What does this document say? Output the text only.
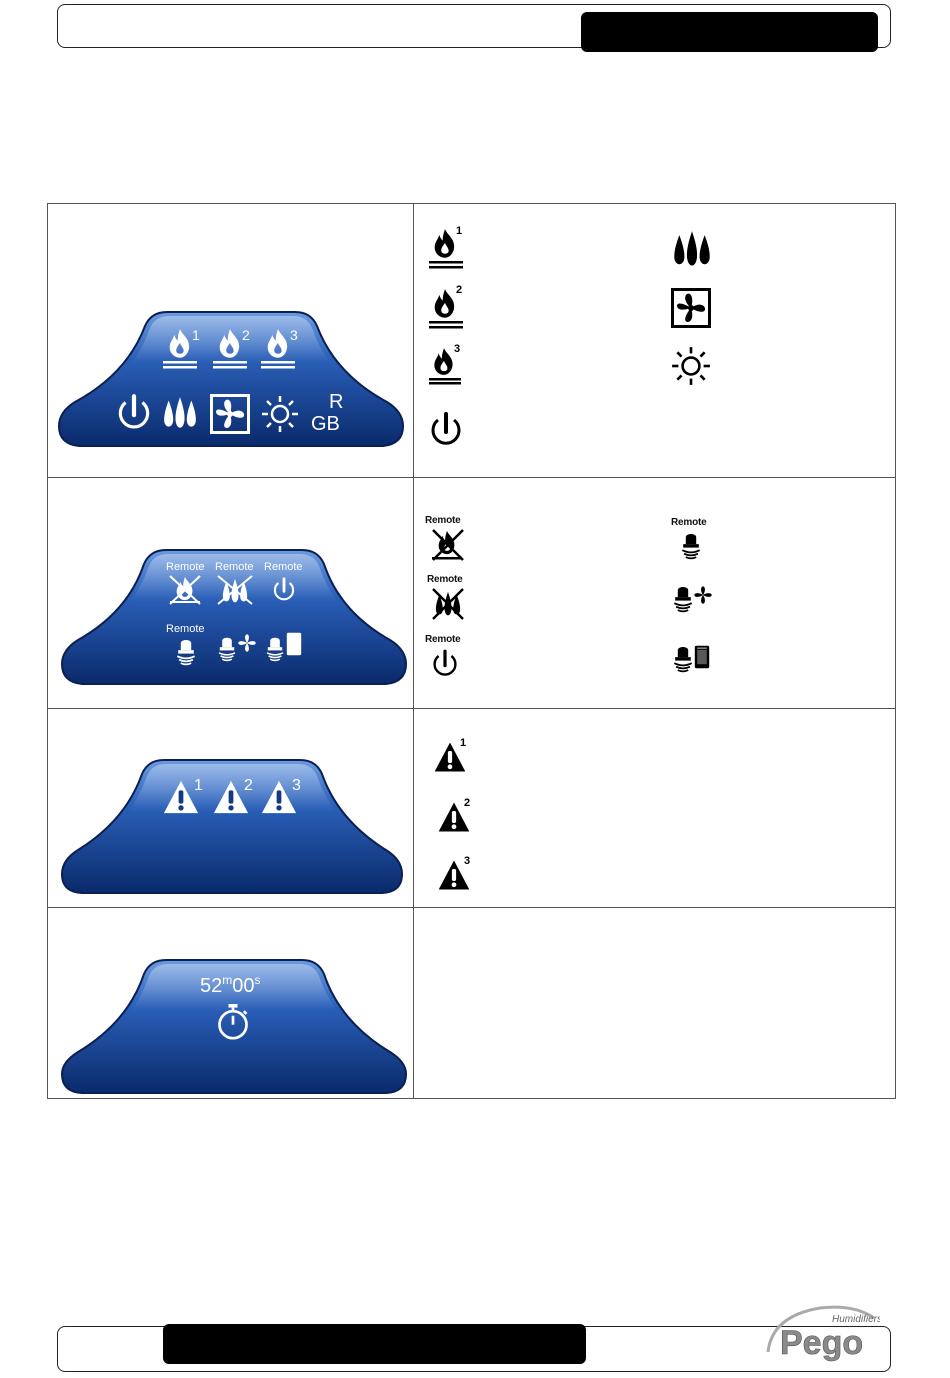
1	2	3
R
GB
1
2
3
Remote Remote Remote
Remote
Remote
Remote
Remote
Remote
1	2 3
1
2
3
52$^m$00$^s$
Humidifiers
Pego
